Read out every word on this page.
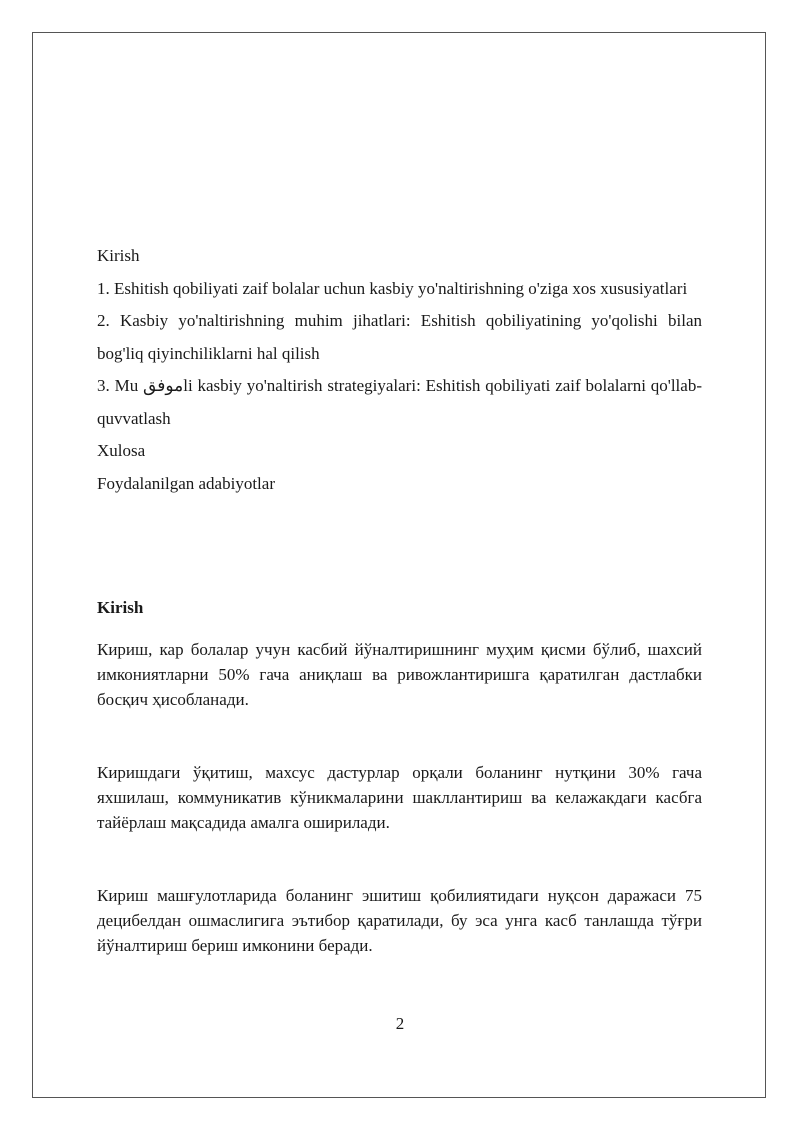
Kirish
1. Eshitish qobiliyati zaif bolalar uchun kasbiy yo'naltirishning o'ziga xos xususiyatlari
2. Kasbiy yo'naltirishning muhim jihatlari: Eshitish qobiliyatining yo'qolishi bilan bog'liq qiyinchiliklarni hal qilish
3. Mu موفقli kasbiy yo'naltirish strategiyalari: Eshitish qobiliyati zaif bolalarni qo'llab-quvvatlash
Xulosa
Foydalanilgan adabiyotlar
Kirish

Кириш, кар болалар учун касбий йўналтиришнинг муҳим қисми бўлиб, шахсий имкониятларни 50% гача аниқлаш ва ривожлантиришга қаратилган дастлабки босқич ҳисобланади.

Киришдаги ўқитиш, махсус дастурлар орқали боланинг нутқини 30% гача яхшилаш, коммуникатив кўникмаларини шакллантириш ва келажакдаги касбга тайёрлаш мақсадида амалга оширилади.

Кириш машғулотларида боланинг эшитиш қобилиятидаги нуқсон даражаси 75 децибелдан ошмаслигига эътибор қаратилади, бу эса унга касб танлашда тўғри йўналтириш бериш имконини беради.

2
